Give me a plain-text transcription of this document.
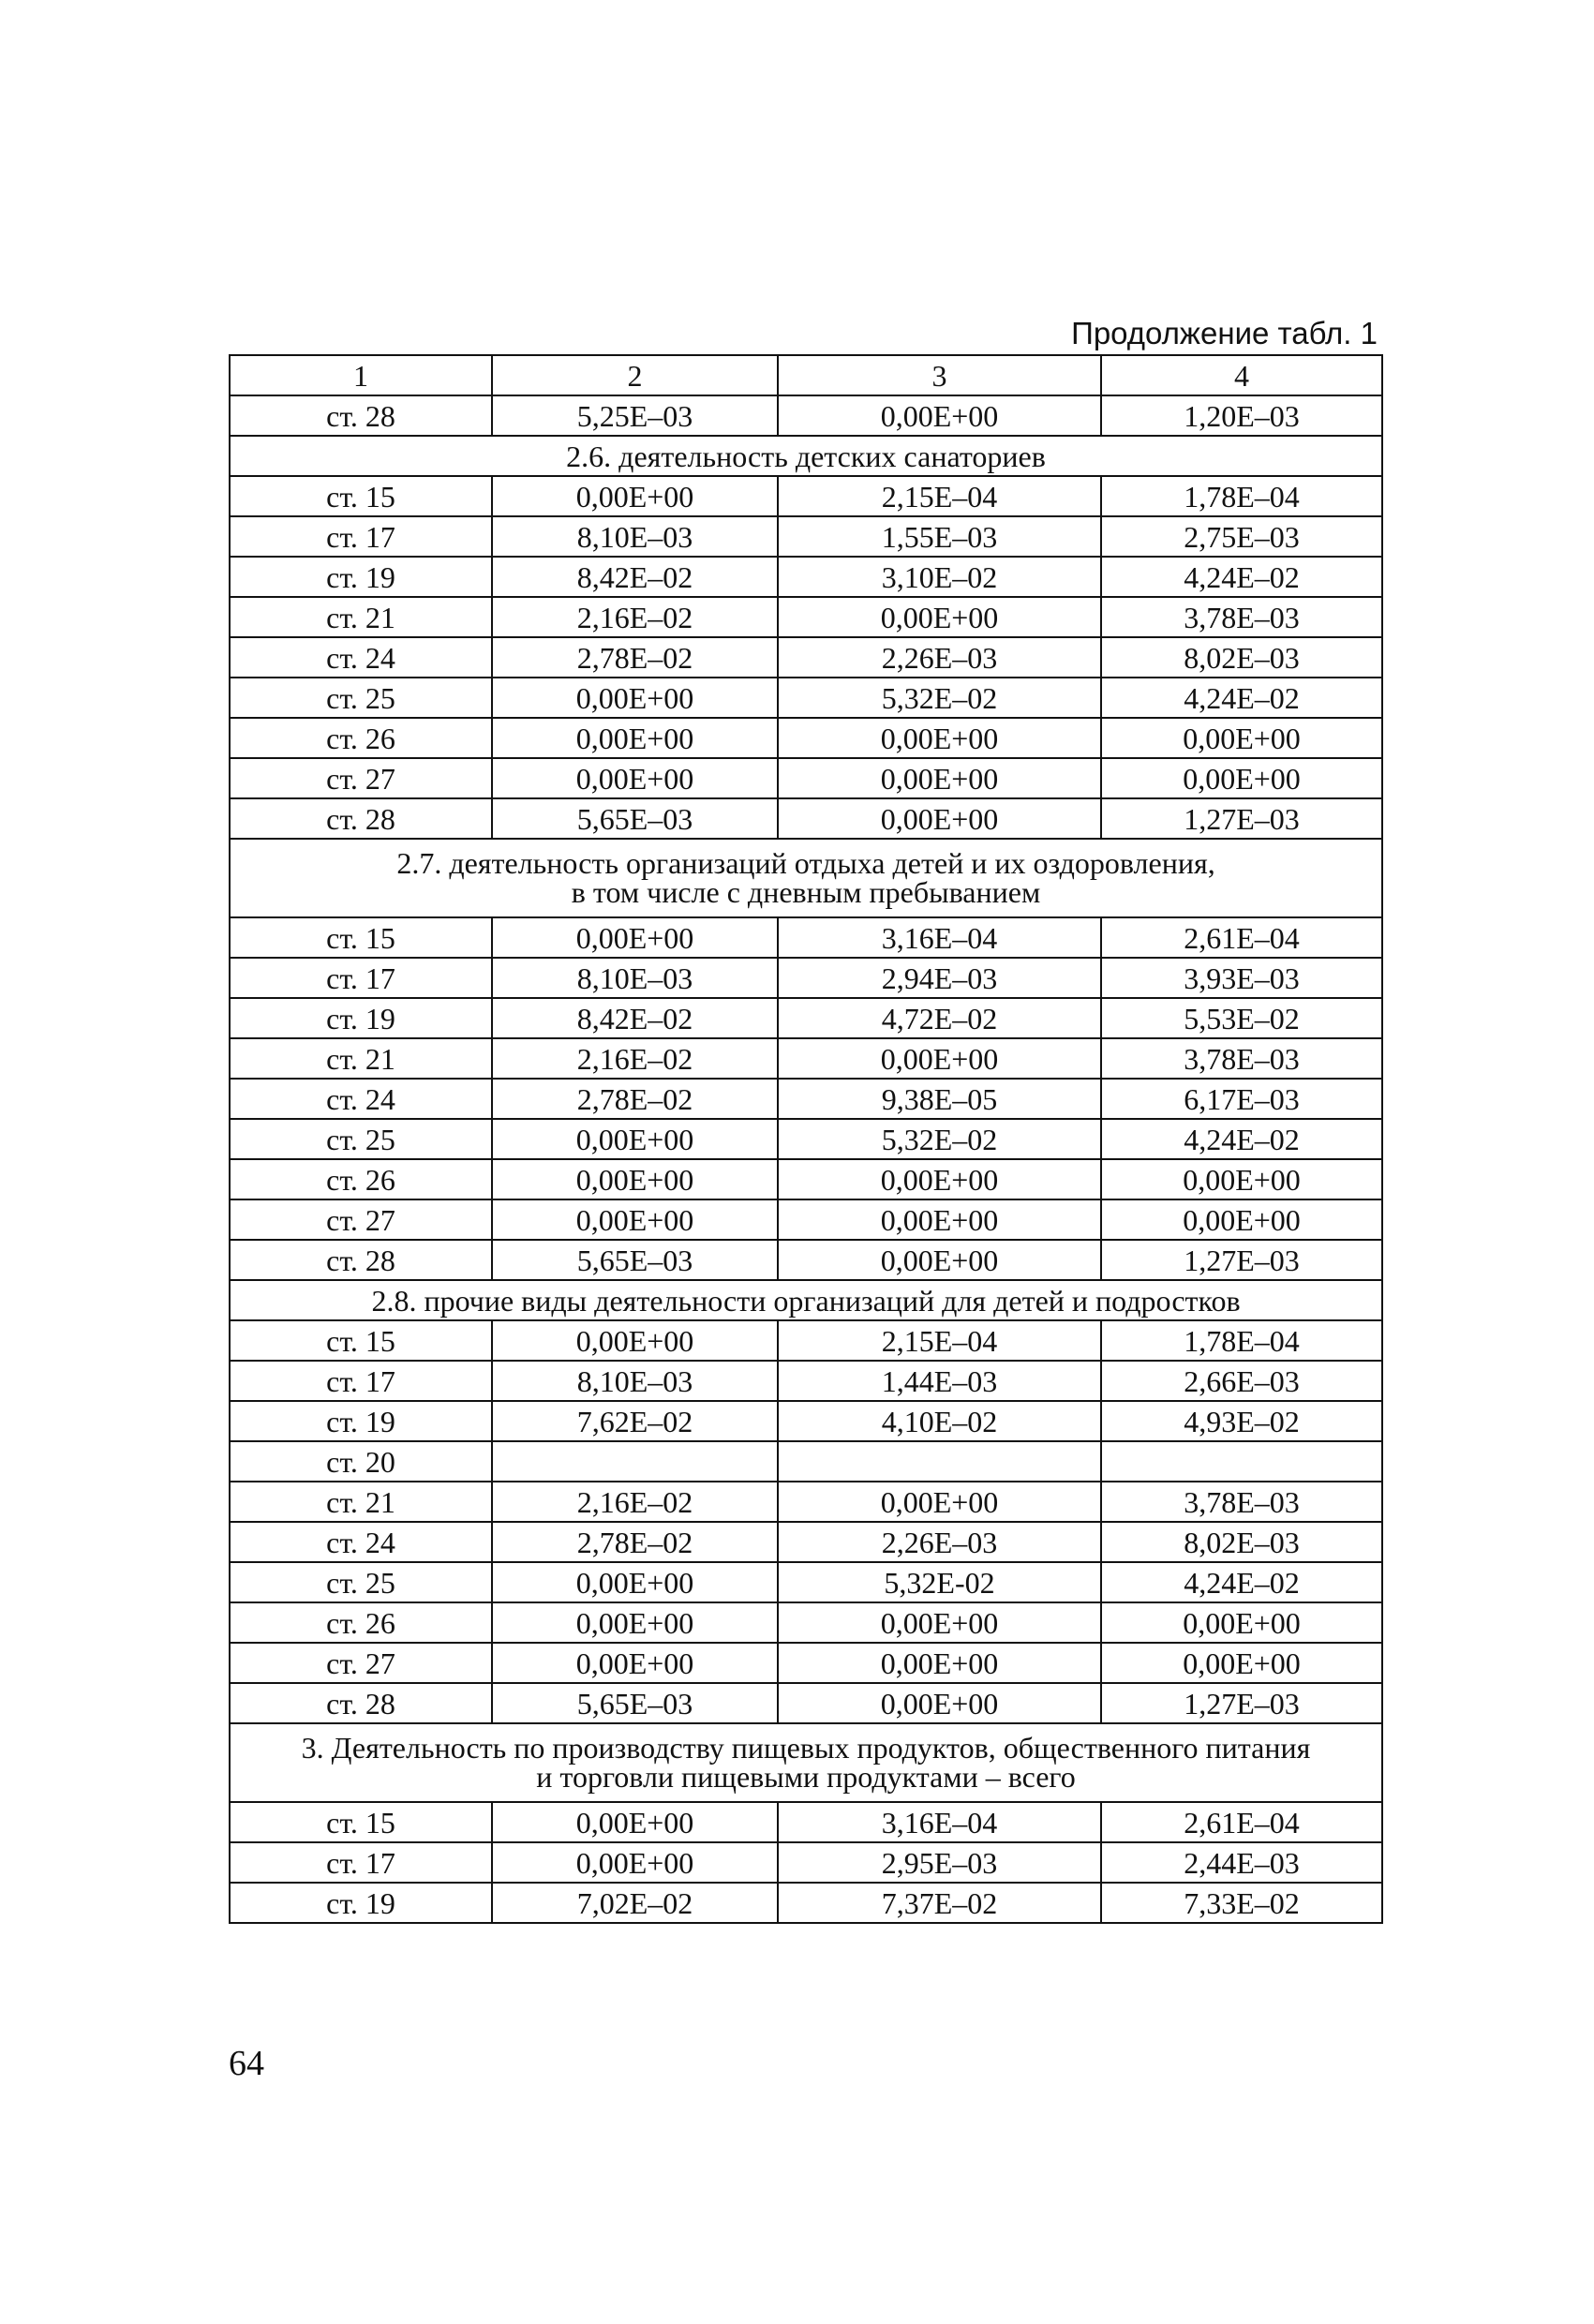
Продолжение табл. 1
1	2	3	4
ст. 28	5,25E–03	0,00E+00	1,20E–03
2.6. деятельность детских санаториев			
ст. 15	0,00E+00	2,15E–04	1,78E–04
ст. 17	8,10E–03	1,55E–03	2,75E–03
ст. 19	8,42E–02	3,10E–02	4,24E–02
ст. 21	2,16E–02	0,00E+00	3,78E–03
ст. 24	2,78E–02	2,26E–03	8,02E–03
ст. 25	0,00E+00	5,32E–02	4,24E–02
ст. 26	0,00E+00	0,00E+00	0,00E+00
ст. 27	0,00E+00	0,00E+00	0,00E+00
ст. 28	5,65E–03	0,00E+00	1,27E–03

2.7. деятельность организаций отдыха детей и их оздоровления,
в том числе с дневным пребыванием			

ст. 15	0,00E+00	3,16E–04	2,61E–04
ст. 17	8,10E–03	2,94E–03	3,93E–03
ст. 19	8,42E–02	4,72E–02	5,53E–02
ст. 21	2,16E–02	0,00E+00	3,78E–03
ст. 24	2,78E–02	9,38E–05	6,17E–03
ст. 25	0,00E+00	5,32E–02	4,24E–02
ст. 26	0,00E+00	0,00E+00	0,00E+00
ст. 27	0,00E+00	0,00E+00	0,00E+00
ст. 28	5,65E–03	0,00E+00	1,27E–03
2.8. прочие виды деятельности организаций для детей и подростков			
ст. 15	0,00E+00	2,15E–04	1,78E–04
ст. 17	8,10E–03	1,44E–03	2,66E–03
ст. 19	7,62E–02	4,10E–02	4,93E–02
ст. 20			
ст. 21	2,16E–02	0,00E+00	3,78E–03
ст. 24	2,78E–02	2,26E–03	8,02E–03
ст. 25	0,00E+00	5,32E-02	4,24E–02
ст. 26	0,00E+00	0,00E+00	0,00E+00
ст. 27	0,00E+00	0,00E+00	0,00E+00
ст. 28	5,65E–03	0,00E+00	1,27E–03

3. Деятельность по производству пищевых продуктов, общественного питания
и торговли пищевыми продуктами – всего			

ст. 15	0,00E+00	3,16E–04	2,61E–04
ст. 17	0,00E+00	2,95E–03	2,44E–03
ст. 19	7,02E–02	7,37E–02	7,33E–02
64
